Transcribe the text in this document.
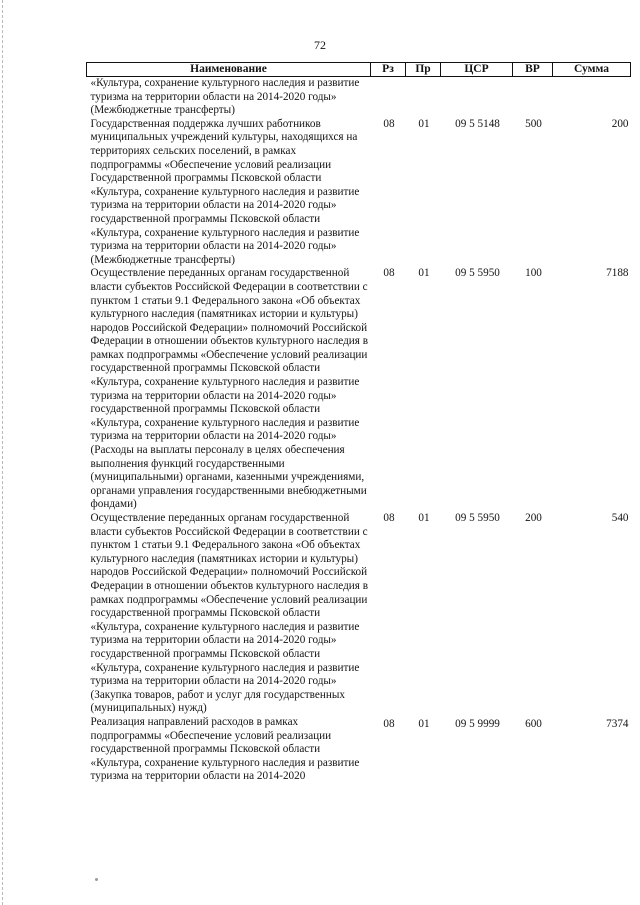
72
Наименование	Рз	Пр	ЦСР	ВР	Сумма
«Культура, сохранение культурного наследия и развитие туризма на территории области на 2014-2020 годы» (Межбюджетные трансферты)					
Государственная поддержка лучших работников муниципальных учреждений культуры, находящихся на территориях сельских поселений, в рамках подпрограммы «Обеспечение условий реализации Государственной программы Псковской области «Культура, сохранение культурного наследия и развитие туризма на территории области на 2014-2020 годы» государственной программы Псковской области «Культура, сохранение культурного наследия и развитие туризма на территории области на 2014-2020 годы» (Межбюджетные трансферты)	08	01	09 5 5148	500	200
Осуществление переданных органам государственной власти субъектов Российской Федерации в соответствии с пунктом 1 статьи 9.1 Федерального закона «Об объектах культурного наследия (памятниках истории и культуры) народов Российской Федерации» полномочий Российской Федерации в отношении объектов культурного наследия в рамках подпрограммы «Обеспечение условий реализации государственной программы Псковской области «Культура, сохранение культурного наследия и развитие туризма на территории области на 2014-2020 годы» государственной программы Псковской области «Культура, сохранение культурного наследия и развитие туризма на территории области на 2014-2020 годы» (Расходы на выплаты персоналу в целях обеспечения выполнения функций государственными (муниципальными) органами, казенными учреждениями, органами управления государственными внебюджетными фондами)	08	01	09 5 5950	100	7188
Осуществление переданных органам государственной власти субъектов Российской Федерации в соответствии с пунктом 1 статьи 9.1 Федерального закона «Об объектах культурного наследия (памятниках истории и культуры) народов Российской Федерации» полномочий Российской Федерации в отношении объектов культурного наследия в рамках подпрограммы «Обеспечение условий реализации государственной программы Псковской области «Культура, сохранение культурного наследия и развитие туризма на территории области на 2014-2020 годы» государственной программы Псковской области «Культура, сохранение культурного наследия и развитие туризма на территории области на 2014-2020 годы» (Закупка товаров, работ и услуг для государственных (муниципальных) нужд)	08	01	09 5 5950	200	540
Реализация направлений расходов в рамках подпрограммы «Обеспечение условий реализации государственной программы Псковской области «Культура, сохранение культурного наследия и развитие туризма на территории области на 2014-2020	08	01	09 5 9999	600	7374
